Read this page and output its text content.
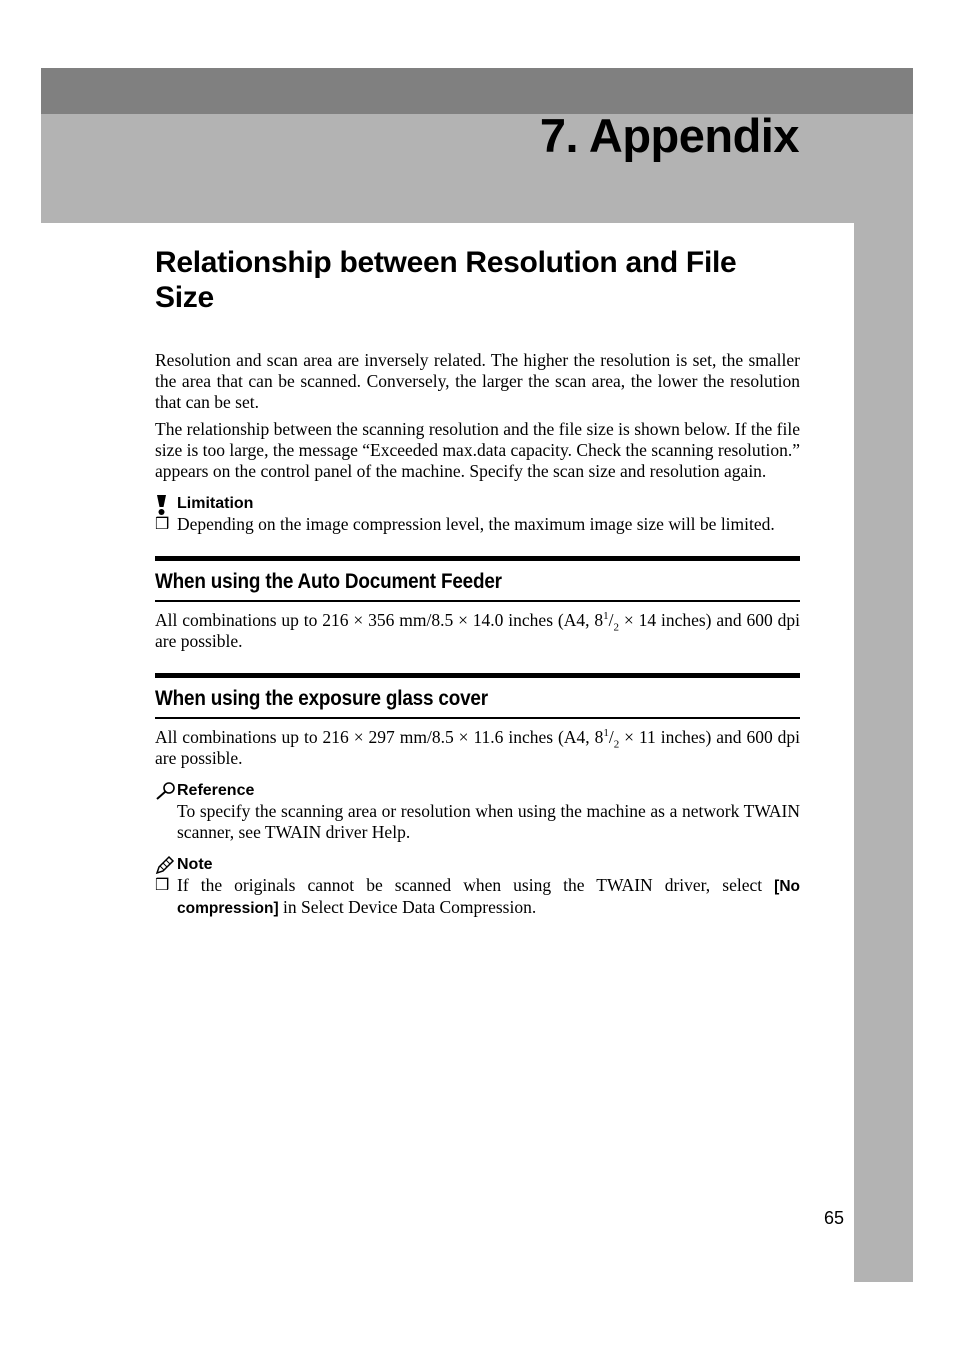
7. Appendix
Relationship between Resolution and File Size

Resolution and scan area are inversely related. The higher the resolution is set, the smaller the area that can be scanned. Conversely, the larger the scan area, the lower the resolution that can be set.

The relationship between the scanning resolution and the file size is shown below. If the file size is too large, the message “Exceeded max.data capacity. Check the scanning resolution.” appears on the control panel of the machine. Specify the scan size and resolution again.

Limitation
❒ Depending on the image compression level, the maximum image size will be limited.

When using the Auto Document Feeder

All combinations up to 216 × 356 mm/8.5 × 14.0 inches (A4, $8^1/_2 \times 14$ inches) and 600 dpi are possible.

When using the exposure glass cover

All combinations up to 216 × 297 mm/8.5 × 11.6 inches (A4, $8^1/_2 \times 11$ inches) and 600 dpi are possible.

Reference

To specify the scanning area or resolution when using the machine as a network TWAIN scanner, see TWAIN driver Help.

Note
❒ If the originals cannot be scanned when using the TWAIN driver, select [No compression] in Select Device Data Compression.

65
